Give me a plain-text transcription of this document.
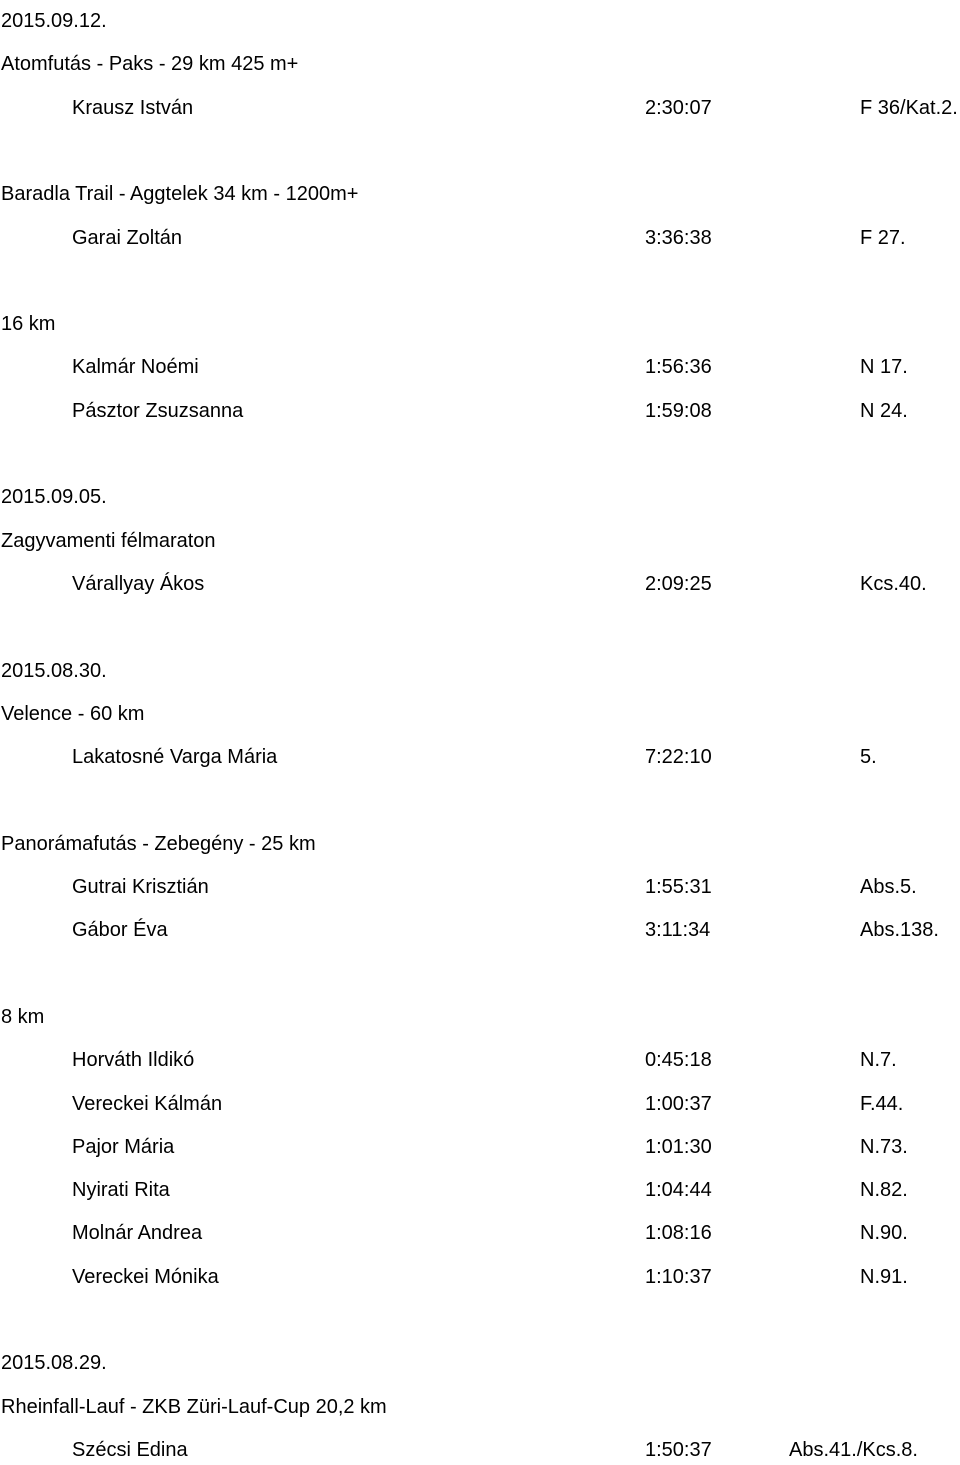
2015.09.12.
Atomfutás - Paks - 29 km 425 m+
Krausz István	2:30:07	F 36/Kat.2.
Baradla Trail - Aggtelek 34 km - 1200m+
Garai Zoltán	3:36:38	F 27.
16 km
Kalmár Noémi	1:56:36	N 17.
Pásztor Zsuzsanna	1:59:08	N 24.
2015.09.05.
Zagyvamenti félmaraton
Várallyay Ákos	2:09:25	Kcs.40.
2015.08.30.
Velence - 60 km
Lakatosné Varga Mária	7:22:10	5.
Panorámafutás - Zebegény - 25 km
Gutrai Krisztián	1:55:31	Abs.5.
Gábor Éva	3:11:34	Abs.138.
8 km
Horváth Ildikó	0:45:18	N.7.
Vereckei Kálmán	1:00:37	F.44.
Pajor Mária	1:01:30	N.73.
Nyirati Rita	1:04:44	N.82.
Molnár Andrea	1:08:16	N.90.
Vereckei Mónika	1:10:37	N.91.
2015.08.29.
Rheinfall-Lauf - ZKB Züri-Lauf-Cup 20,2 km
Szécsi Edina	1:50:37	Abs.41./Kcs.8.
